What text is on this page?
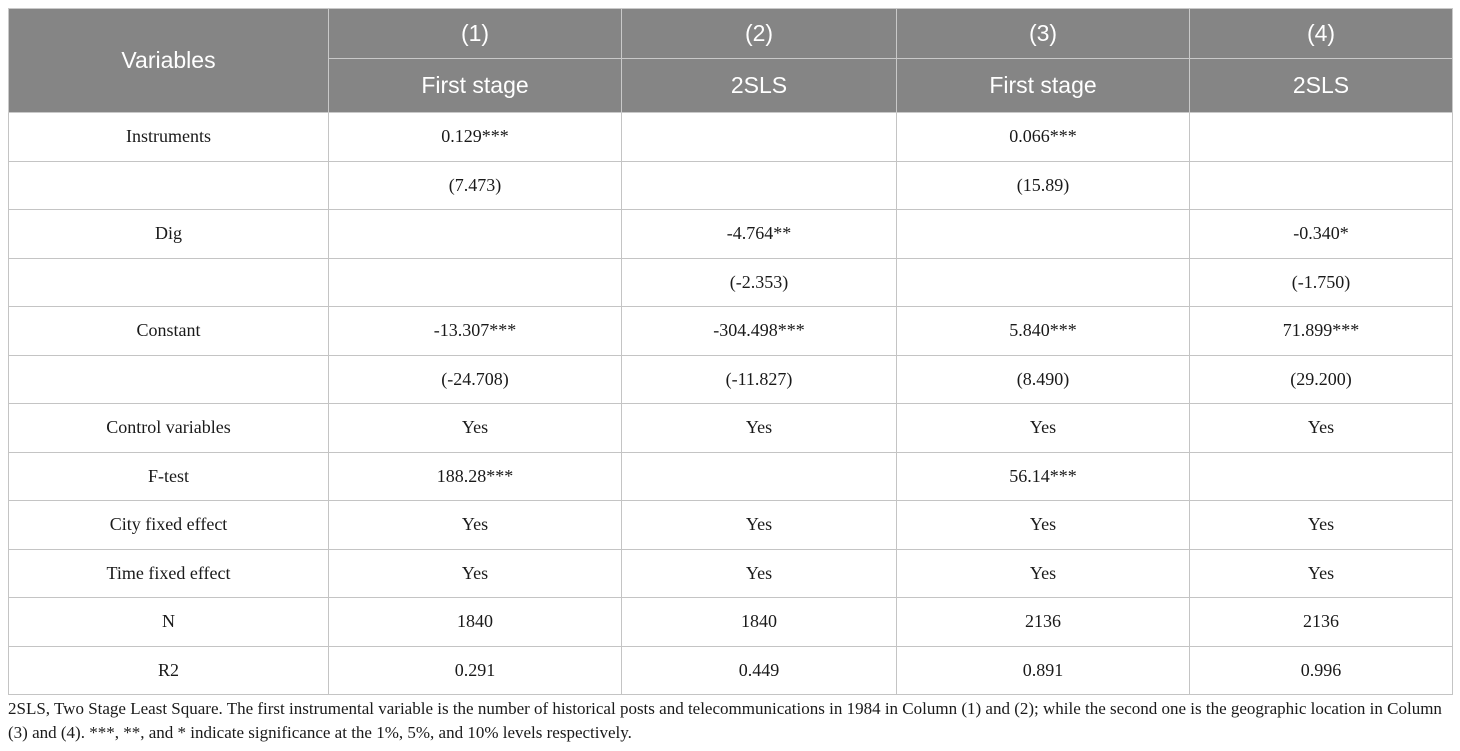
Variables	(1)	(2)	(3)	(4)
	First stage	2SLS	First stage	2SLS
Instruments	0.129***		0.066***	
	(7.473)		(15.89)	
Dig		-4.764**		-0.340*
		(-2.353)		(-1.750)
Constant	-13.307***	-304.498***	5.840***	71.899***
	(-24.708)	(-11.827)	(8.490)	(29.200)
Control variables	Yes	Yes	Yes	Yes
F-test	188.28***		56.14***	
City fixed effect	Yes	Yes	Yes	Yes
Time fixed effect	Yes	Yes	Yes	Yes
N	1840	1840	2136	2136
R2	0.291	0.449	0.891	0.996
2SLS, Two Stage Least Square. The first instrumental variable is the number of historical posts and telecommunications in 1984 in Column (1) and (2); while the second one is the geographic location in Column (3) and (4). ***, **, and * indicate significance at the 1%, 5%, and 10% levels respectively.
